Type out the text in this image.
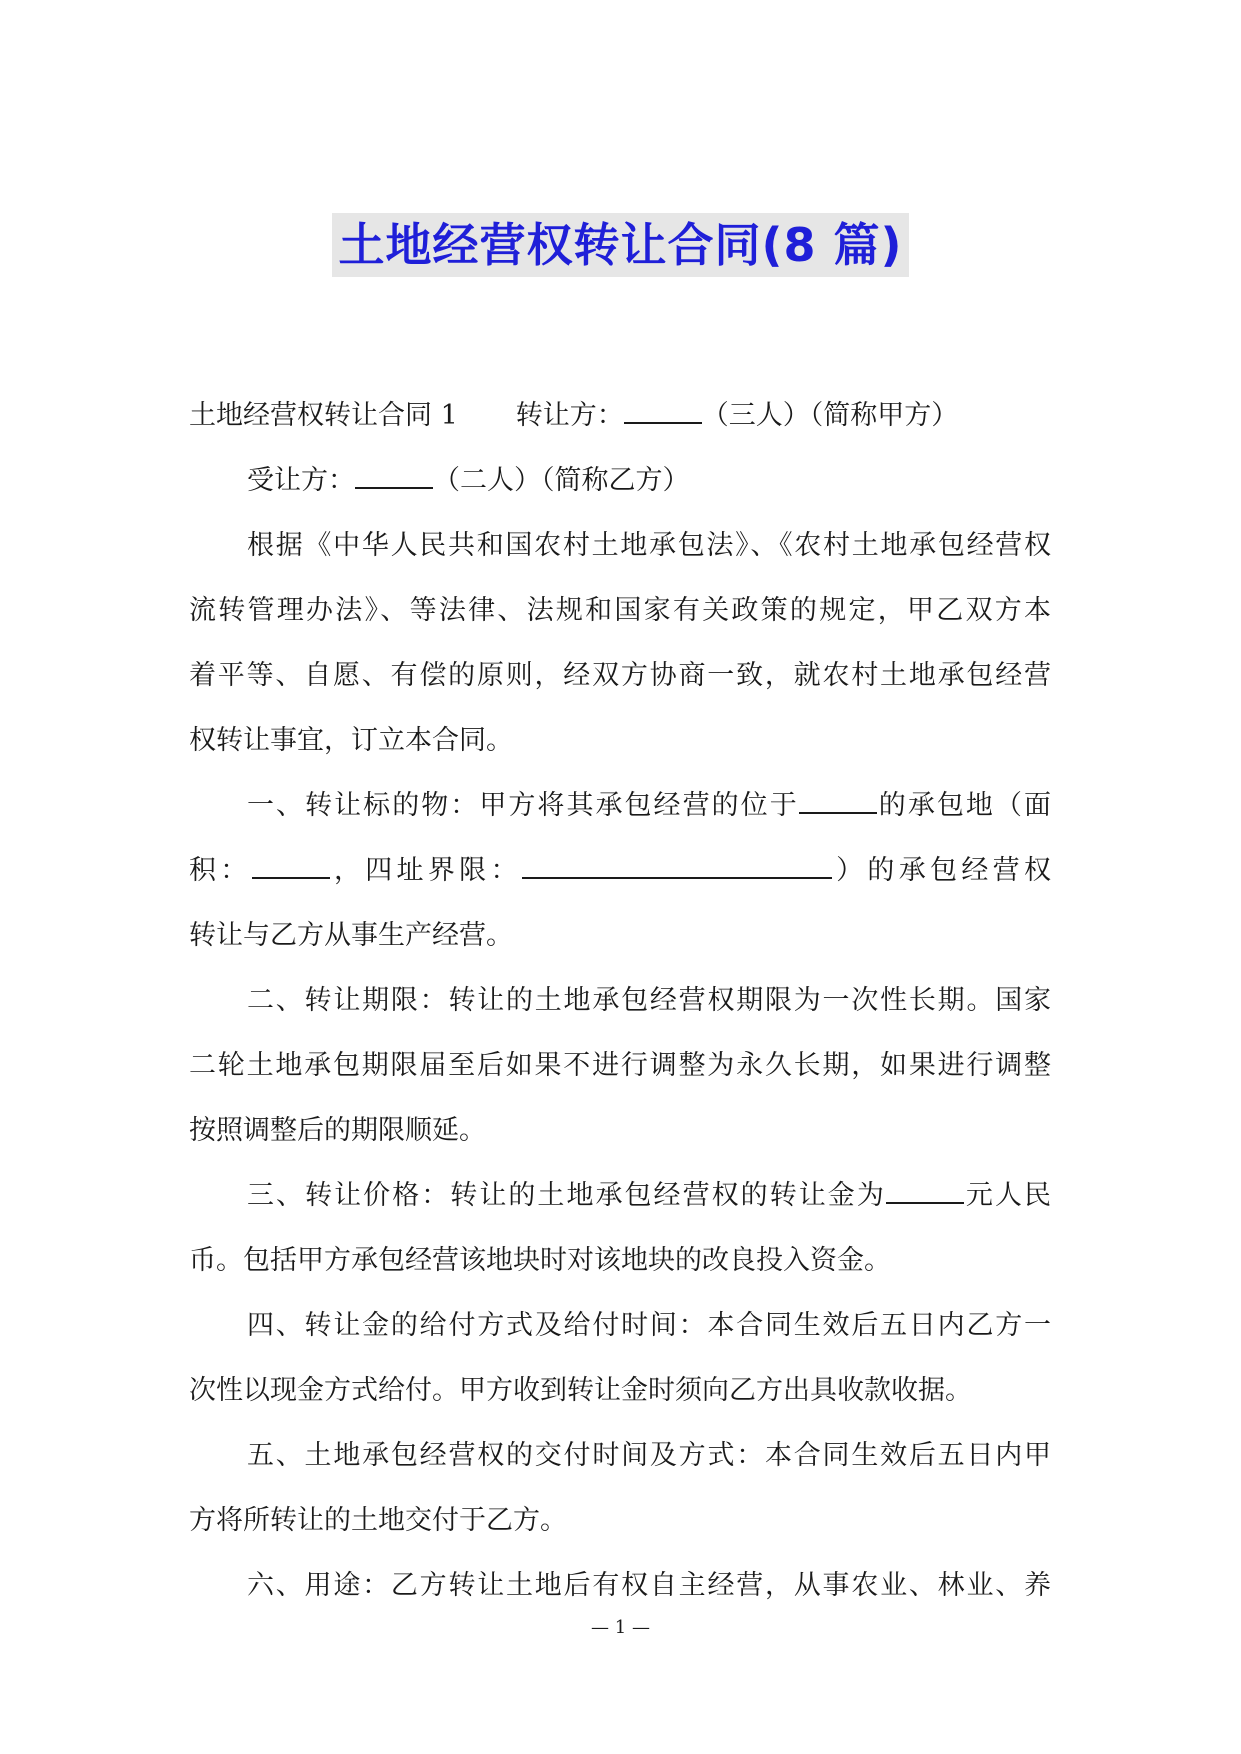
土地经营权转让合同(8 篇)
土地经营权转让合同 1 转让方：	（三人）（简称甲方）
受让方：	（二人）（简称乙方）
根据《中华人民共和国农村土地承包法》、《农村土地承包经营权
流转管理办法》、等法律、法规和国家有关政策的规定，甲乙双方本
着平等、自愿、有偿的原则，经双方协商一致，就农村土地承包经营
权转让事宜，订立本合同。
一、转让标的物：甲方将其承包经营的位于	的承包地（面
积：	，四址界限：	）的承包经营权
转让与乙方从事生产经营。
二、转让期限：转让的土地承包经营权期限为一次性长期。国家
二轮土地承包期限届至后如果不进行调整为永久长期，如果进行调整
按照调整后的期限顺延。
三、转让价格：转让的土地承包经营权的转让金为	元人民
币。包括甲方承包经营该地块时对该地块的改良投入资金。
四、转让金的给付方式及给付时间：本合同生效后五日内乙方一
次性以现金方式给付。甲方收到转让金时须向乙方出具收款收据。
五、土地承包经营权的交付时间及方式：本合同生效后五日内甲
方将所转让的土地交付于乙方。
六、用途：乙方转让土地后有权自主经营，从事农业、林业、养
— 1 —
